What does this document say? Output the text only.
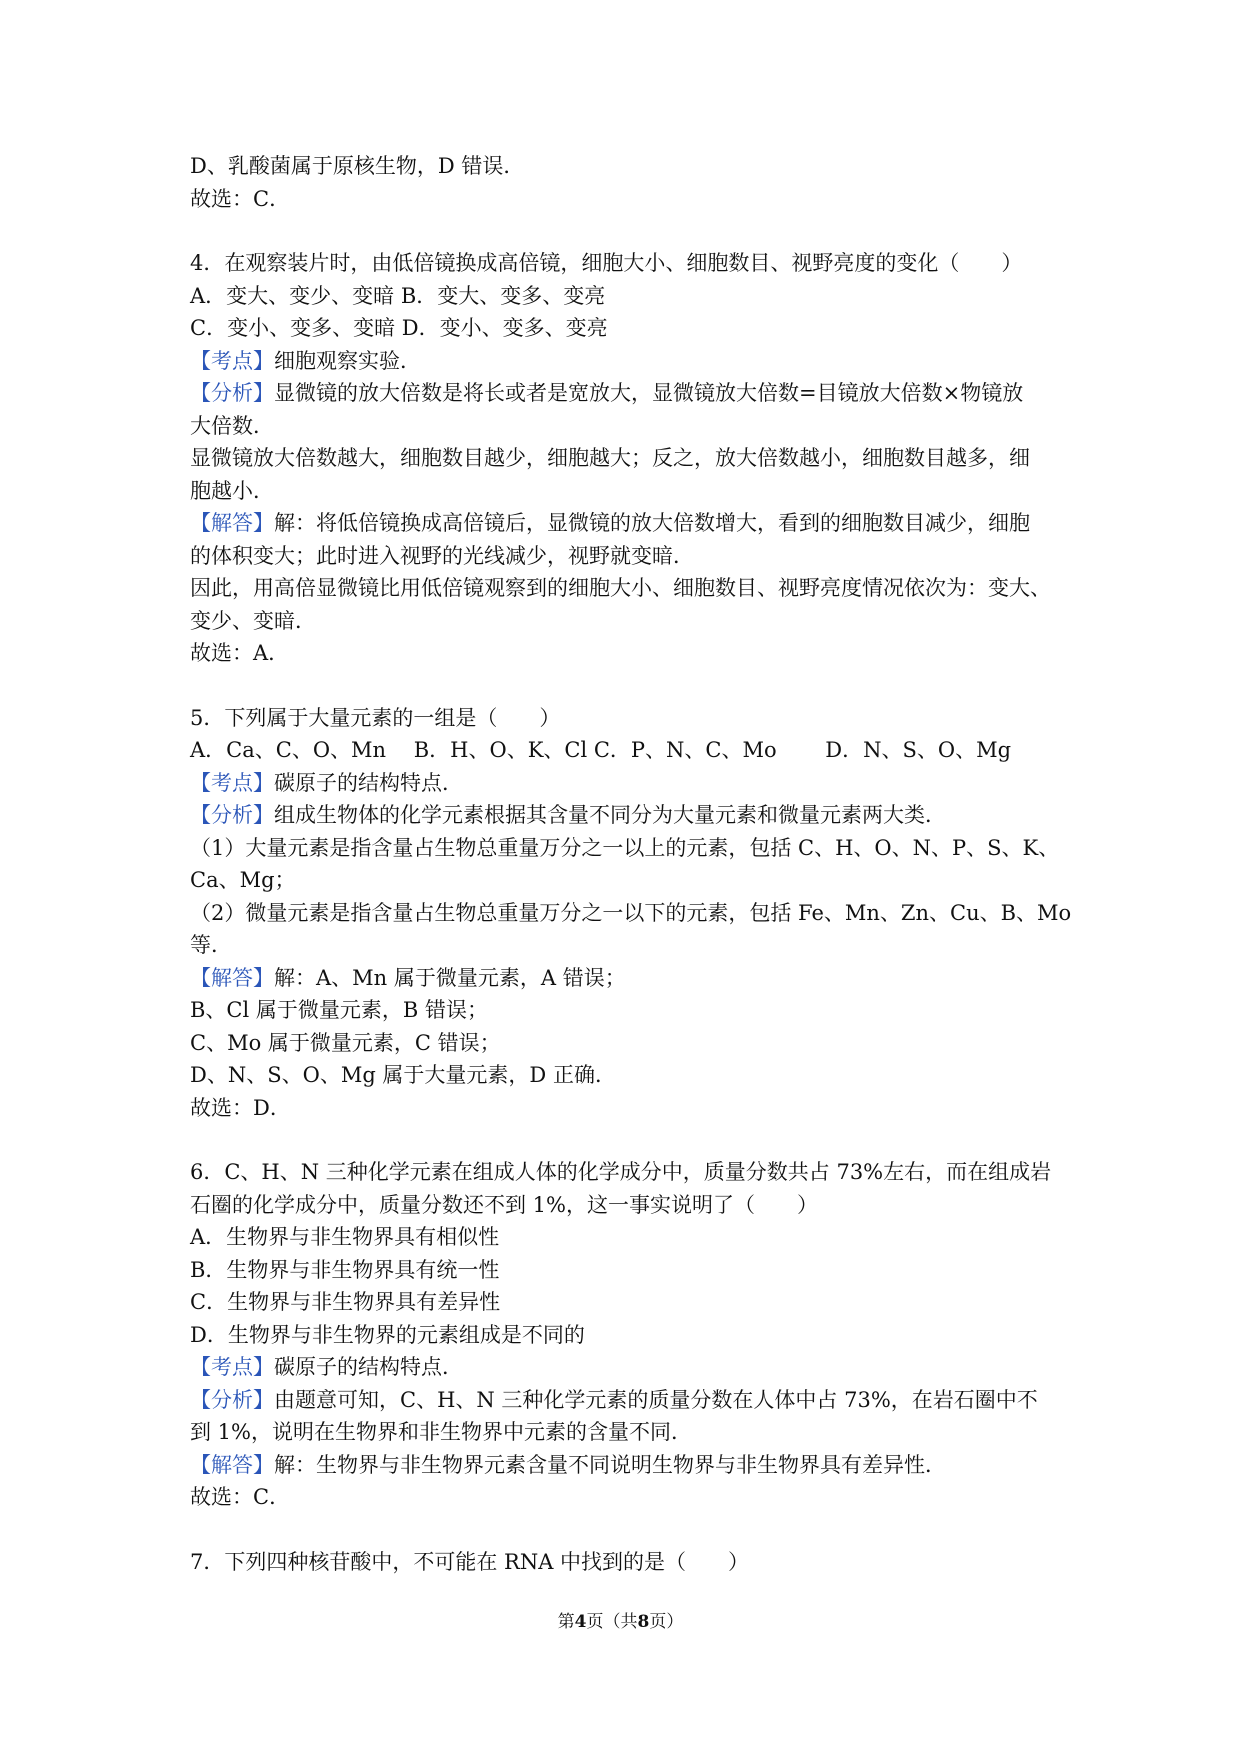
D、乳酸菌属于原核生物，D 错误．
故选：C．
4．在观察装片时，由低倍镜换成高倍镜，细胞大小、细胞数目、视野亮度的变化（　　）
A．变大、变少、变暗 B．变大、变多、变亮
C．变小、变多、变暗 D．变小、变多、变亮
【考点】细胞观察实验．
【分析】显微镜的放大倍数是将长或者是宽放大，显微镜放大倍数=目镜放大倍数×物镜放
大倍数．
显微镜放大倍数越大，细胞数目越少，细胞越大；反之，放大倍数越小，细胞数目越多，细
胞越小．
【解答】解：将低倍镜换成高倍镜后，显微镜的放大倍数增大，看到的细胞数目减少，细胞
的体积变大；此时进入视野的光线减少，视野就变暗．
因此，用高倍显微镜比用低倍镜观察到的细胞大小、细胞数目、视野亮度情况依次为：变大、
变少、变暗．
故选：A．
5．下列属于大量元素的一组是（　　）
A．Ca、C、O、Mn　 B．H、O、K、Cl C．P、N、C、Mo　　 D．N、S、O、Mg
【考点】碳原子的结构特点．
【分析】组成生物体的化学元素根据其含量不同分为大量元素和微量元素两大类．
（1）大量元素是指含量占生物总重量万分之一以上的元素，包括 C、H、O、N、P、S、K、
Ca、Mg；
（2）微量元素是指含量占生物总重量万分之一以下的元素，包括 Fe、Mn、Zn、Cu、B、Mo
等．
【解答】解：A、Mn 属于微量元素，A 错误；
B、Cl 属于微量元素，B 错误；
C、Mo 属于微量元素，C 错误；
D、N、S、O、Mg 属于大量元素，D 正确．
故选：D．
6．C、H、N 三种化学元素在组成人体的化学成分中，质量分数共占 73%左右，而在组成岩
石圈的化学成分中，质量分数还不到 1%，这一事实说明了（　　）
A．生物界与非生物界具有相似性
B．生物界与非生物界具有统一性
C．生物界与非生物界具有差异性
D．生物界与非生物界的元素组成是不同的
【考点】碳原子的结构特点．
【分析】由题意可知，C、H、N 三种化学元素的质量分数在人体中占 73%，在岩石圈中不
到 1%，说明在生物界和非生物界中元素的含量不同．
【解答】解：生物界与非生物界元素含量不同说明生物界与非生物界具有差异性．
故选：C．
7．下列四种核苷酸中，不可能在 RNA 中找到的是（　　）
第4页（共8页）
